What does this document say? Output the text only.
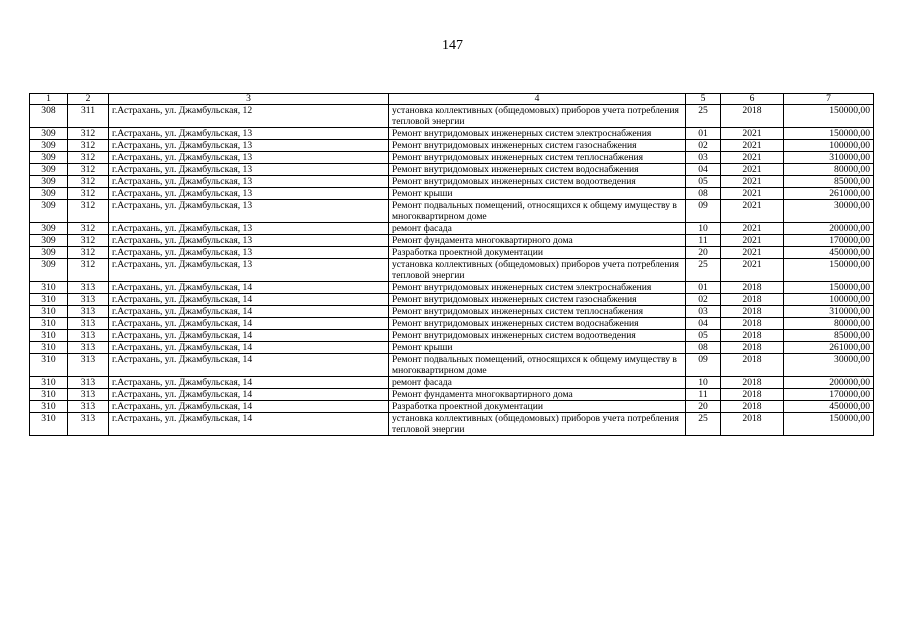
147
1	2	3	4	5	6	7
308	311	г.Астрахань, ул. Джамбульская, 12	установка коллективных (общедомовых) приборов учета потребления тепловой энергии	25	2018	150000,00
309	312	г.Астрахань, ул. Джамбульская, 13	Ремонт внутридомовых инженерных систем электроснабжения	01	2021	150000,00
309	312	г.Астрахань, ул. Джамбульская, 13	Ремонт внутридомовых инженерных систем газоснабжения	02	2021	100000,00
309	312	г.Астрахань, ул. Джамбульская, 13	Ремонт внутридомовых инженерных систем теплоснабжения	03	2021	310000,00
309	312	г.Астрахань, ул. Джамбульская, 13	Ремонт внутридомовых инженерных систем водоснабжения	04	2021	80000,00
309	312	г.Астрахань, ул. Джамбульская, 13	Ремонт внутридомовых инженерных систем водоотведения	05	2021	85000,00
309	312	г.Астрахань, ул. Джамбульская, 13	Ремонт крыши	08	2021	261000,00
309	312	г.Астрахань, ул. Джамбульская, 13	Ремонт подвальных помещений, относящихся к общему имуществу в многоквартирном доме	09	2021	30000,00
309	312	г.Астрахань, ул. Джамбульская, 13	ремонт фасада	10	2021	200000,00
309	312	г.Астрахань, ул. Джамбульская, 13	Ремонт фундамента многоквартирного дома	11	2021	170000,00
309	312	г.Астрахань, ул. Джамбульская, 13	Разработка проектной документации	20	2021	450000,00
309	312	г.Астрахань, ул. Джамбульская, 13	установка коллективных (общедомовых) приборов учета потребления тепловой энергии	25	2021	150000,00
310	313	г.Астрахань, ул. Джамбульская, 14	Ремонт внутридомовых инженерных систем электроснабжения	01	2018	150000,00
310	313	г.Астрахань, ул. Джамбульская, 14	Ремонт внутридомовых инженерных систем газоснабжения	02	2018	100000,00
310	313	г.Астрахань, ул. Джамбульская, 14	Ремонт внутридомовых инженерных систем теплоснабжения	03	2018	310000,00
310	313	г.Астрахань, ул. Джамбульская, 14	Ремонт внутридомовых инженерных систем водоснабжения	04	2018	80000,00
310	313	г.Астрахань, ул. Джамбульская, 14	Ремонт внутридомовых инженерных систем водоотведения	05	2018	85000,00
310	313	г.Астрахань, ул. Джамбульская, 14	Ремонт крыши	08	2018	261000,00
310	313	г.Астрахань, ул. Джамбульская, 14	Ремонт подвальных помещений, относящихся к общему имуществу в многоквартирном доме	09	2018	30000,00
310	313	г.Астрахань, ул. Джамбульская, 14	ремонт фасада	10	2018	200000,00
310	313	г.Астрахань, ул. Джамбульская, 14	Ремонт фундамента многоквартирного дома	11	2018	170000,00
310	313	г.Астрахань, ул. Джамбульская, 14	Разработка проектной документации	20	2018	450000,00
310	313	г.Астрахань, ул. Джамбульская, 14	установка коллективных (общедомовых) приборов учета потребления тепловой энергии	25	2018	150000,00
